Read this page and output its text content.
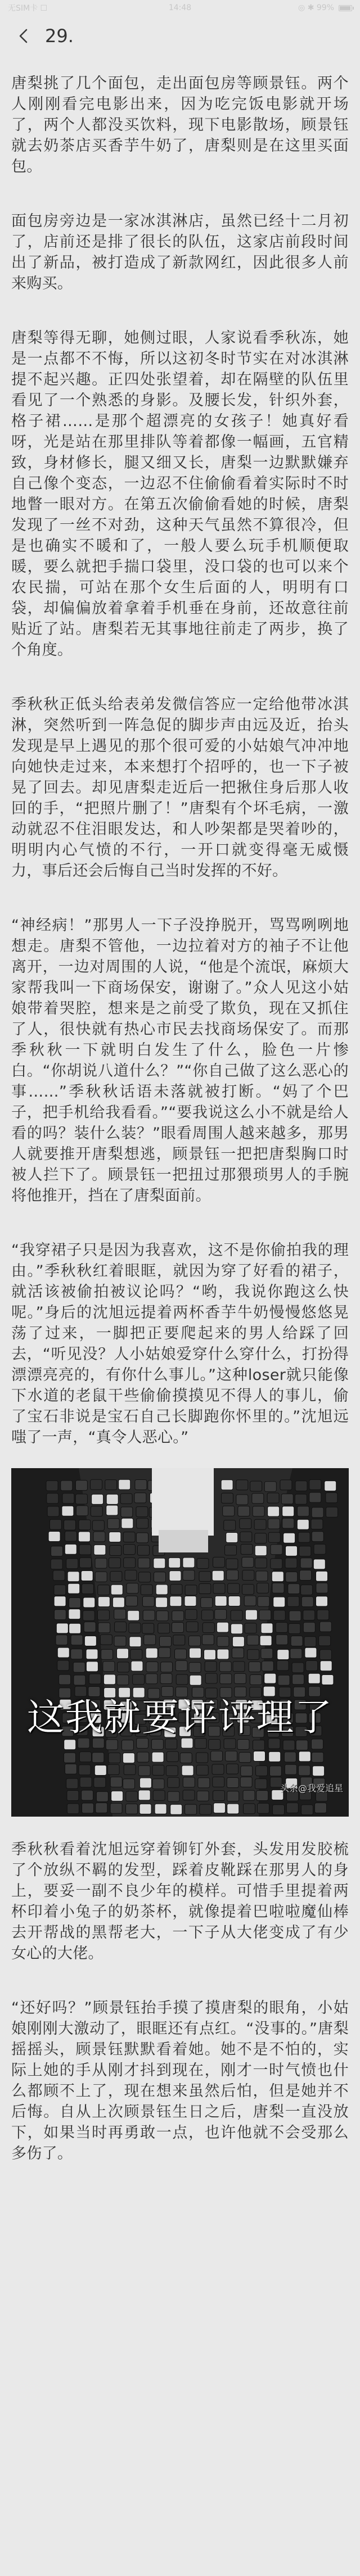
无SIM卡 ☐	14:48	◎ ✱ 99%
29.

唐梨挑了几个面包，走出面包房等顾景钰。两个人刚刚看完电影出来，因为吃完饭电影就开场了，两个人都没买饮料，现下电影散场，顾景钰就去奶茶店买香芋牛奶了，唐梨则是在这里买面包。

面包房旁边是一家冰淇淋店，虽然已经十二月初了，店前还是排了很长的队伍，这家店前段时间出了新品，被打造成了新款网红，因此很多人前来购买。

唐梨等得无聊，她侧过眼，人家说看季秋冻，她是一点都不不悔，所以这初冬时节实在对冰淇淋提不起兴趣。正四处张望着，却在隔壁的队伍里看见了一个熟悉的身影。及腰长发，针织外套，格子裙……是那个超漂亮的女孩子！她真好看呀，光是站在那里排队等着都像一幅画，五官精致，身材修长，腿又细又长，唐梨一边默默嫌弃自己像个变态，一边忍不住偷偷看着实际时不时地瞥一眼对方。在第五次偷偷看她的时候，唐梨发现了一丝不对劲，这种天气虽然不算很冷，但是也确实不暖和了，一般人要么玩手机顺便取暖，要么就把手揣口袋里，没口袋的也可以来个农民揣，可站在那个女生后面的人，明明有口袋，却偏偏放着拿着手机垂在身前，还故意往前贴近了站。唐梨若无其事地往前走了两步，换了个角度。

季秋秋正低头给表弟发微信答应一定给他带冰淇淋，突然听到一阵急促的脚步声由远及近，抬头发现是早上遇见的那个很可爱的小姑娘气冲冲地向她快走过来，本来想打个招呼的，也一下子被晃了回去。却见唐梨走近后一把揪住身后那人收回的手，“把照片删了！”唐梨有个坏毛病，一激动就忍不住泪眼发达，和人吵架都是哭着吵的，明明内心气愤的不行，一开口就变得毫无威慑力，事后还会后悔自己当时发挥的不好。

“神经病！”那男人一下子没挣脱开，骂骂咧咧地想走。唐梨不管他，一边拉着对方的袖子不让他离开，一边对周围的人说，“他是个流氓，麻烦大家帮我叫一下商场保安，谢谢了。”众人见这小姑娘带着哭腔，想来是之前受了欺负，现在又抓住了人，很快就有热心市民去找商场保安了。而那季秋秋一下就明白发生了什么，脸色一片惨白。“你胡说八道什么？”“你自己做了这么恶心的事……”季秋秋话语未落就被打断。“妈了个巴子，把手机给我看看。”“要我说这么小不就是给人看的吗？装什么装？”眼看周围人越来越多，那男人就要推开唐梨想逃，顾景钰一把把唐梨胸口时被人拦下了。顾景钰一把扭过那猥琐男人的手腕将他推开，挡在了唐梨面前。

“我穿裙子只是因为我喜欢，这不是你偷拍我的理由。”季秋秋红着眼眶，就因为穿了好看的裙子，就活该被偷拍被议论吗？“哟，我说你跑这么快呢。”身后的沈旭远提着两杯香芋牛奶慢慢悠悠晃荡了过来，一脚把正要爬起来的男人给踩了回去，“听见没？人小姑娘爱穿什么穿什么，打扮得漂漂亮亮的，有你什么事儿。”这种loser就只能像下水道的老鼠干些偷偷摸摸见不得人的事儿，偷了宝石非说是宝石自己长脚跑你怀里的。”沈旭远嗤了一声，“真令人恶心。”

这我就要评评理了
头条@我爱追星

季秋秋看着沈旭远穿着铆钉外套，头发用发胶梳了个放纵不羁的发型，踩着皮靴踩在那男人的身上，要妥一副不良少年的模样。可惜手里提着两杯印着小兔子的奶茶杯，就像提着巴啦啦魔仙棒去开帮战的黑帮老大，一下子从大佬变成了有少女心的大佬。

“还好吗？”顾景钰抬手摸了摸唐梨的眼角，小姑娘刚刚大激动了，眼眶还有点红。“没事的。”唐梨摇摇头，顾景钰默默看着她。她不是不怕的，实际上她的手从刚才抖到现在，刚才一时气愤也什么都顾不上了，现在想来虽然后怕，但是她并不后悔。自从上次顾景钰生日之后，唐梨一直没放下，如果当时再勇敢一点，也许他就不会受那么多伤了。
